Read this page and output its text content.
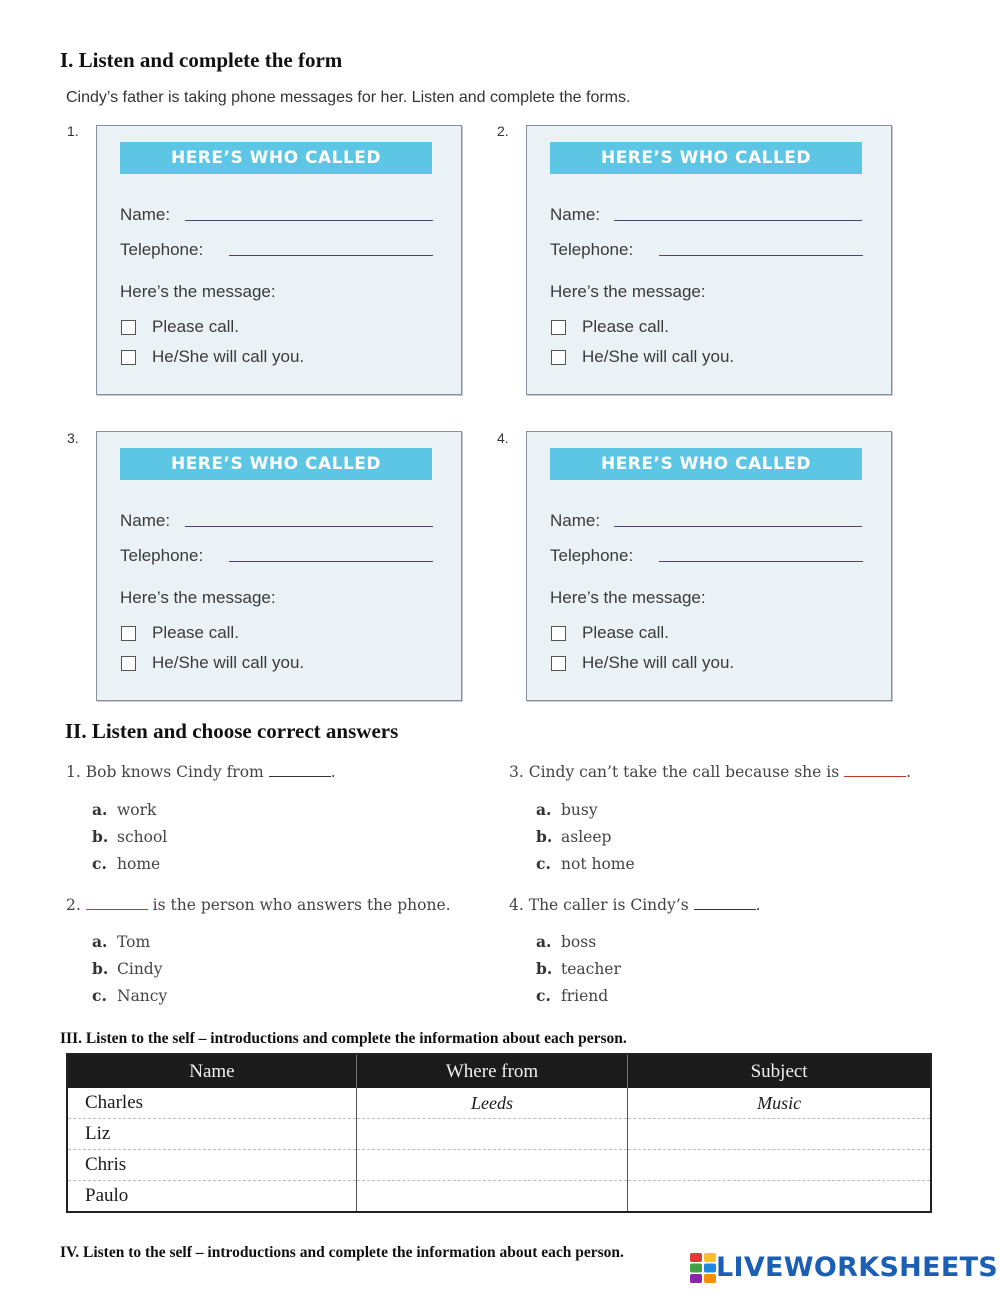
I. Listen and complete the form
Cindy’s father is taking phone messages for her. Listen and complete the forms.
1.
HERE’S WHO CALLED
Name:
Telephone:
Here’s the message:
Please call.
He/She will call you.
2.
HERE’S WHO CALLED
Name:
Telephone:
Here’s the message:
Please call.
He/She will call you.
3.
HERE’S WHO CALLED
Name:
Telephone:
Here’s the message:
Please call.
He/She will call you.
4.
HERE’S WHO CALLED
Name:
Telephone:
Here’s the message:
Please call.
He/She will call you.
II. Listen and choose correct answers
1. Bob knows Cindy from	.
a. work
b. school
c. home
2.	is the person who answers the phone.
a. Tom
b. Cindy
c. Nancy
3. Cindy can’t take the call because she is	.
a. busy
b. asleep
c. not home
4. The caller is Cindy’s	.
a. boss
b. teacher
c. friend
III. Listen to the self – introductions and complete the information about each person.
Name	Where from	Subject
Charles	Leeds	Music
Liz		
Chris		
Paulo		
IV. Listen to the self – introductions and complete the information about each person.	LIVEWORKSHEETS
